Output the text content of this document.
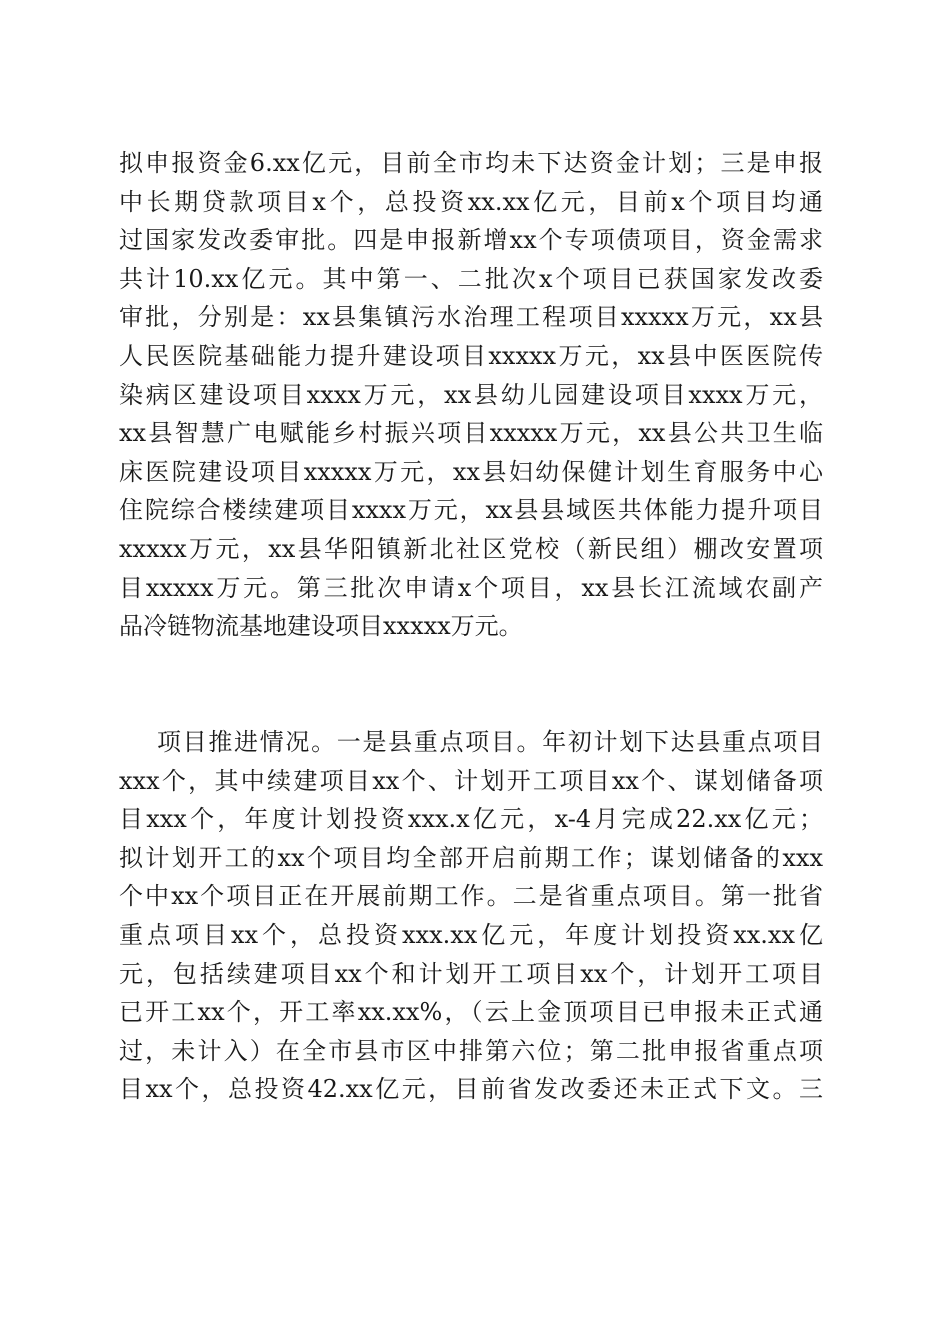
拟申报资金6.xx亿元，目前全市均未下达资金计划；三是申报
中长期贷款项目x个，总投资xx.xx亿元，目前x个项目均通
过国家发改委审批。四是申报新增xx个专项债项目，资金需求
共计10.xx亿元。其中第一、二批次x个项目已获国家发改委
审批，分别是：xx县集镇污水治理工程项目xxxxx万元，xx县
人民医院基础能力提升建设项目xxxxx万元，xx县中医医院传
染病区建设项目xxxx万元，xx县幼儿园建设项目xxxx万元，
xx县智慧广电赋能乡村振兴项目xxxxx万元，xx县公共卫生临
床医院建设项目xxxxx万元，xx县妇幼保健计划生育服务中心
住院综合楼续建项目xxxx万元，xx县县域医共体能力提升项目
xxxxx万元，xx县华阳镇新北社区党校（新民组）棚改安置项
目xxxxx万元。第三批次申请x个项目，xx县长江流域农副产
品冷链物流基地建设项目xxxxx万元。
项目推进情况。一是县重点项目。年初计划下达县重点项目
xxx个，其中续建项目xx个、计划开工项目xx个、谋划储备项
目xxx个，年度计划投资xxx.x亿元，x-4月完成22.xx亿元；
拟计划开工的xx个项目均全部开启前期工作；谋划储备的xxx
个中xx个项目正在开展前期工作。二是省重点项目。第一批省
重点项目xx个，总投资xxx.xx亿元，年度计划投资xx.xx亿
元，包括续建项目xx个和计划开工项目xx个，计划开工项目
已开工xx个，开工率xx.xx%，（云上金顶项目已申报未正式通
过，未计入）在全市县市区中排第六位；第二批申报省重点项
目xx个，总投资42.xx亿元，目前省发改委还未正式下文。三
